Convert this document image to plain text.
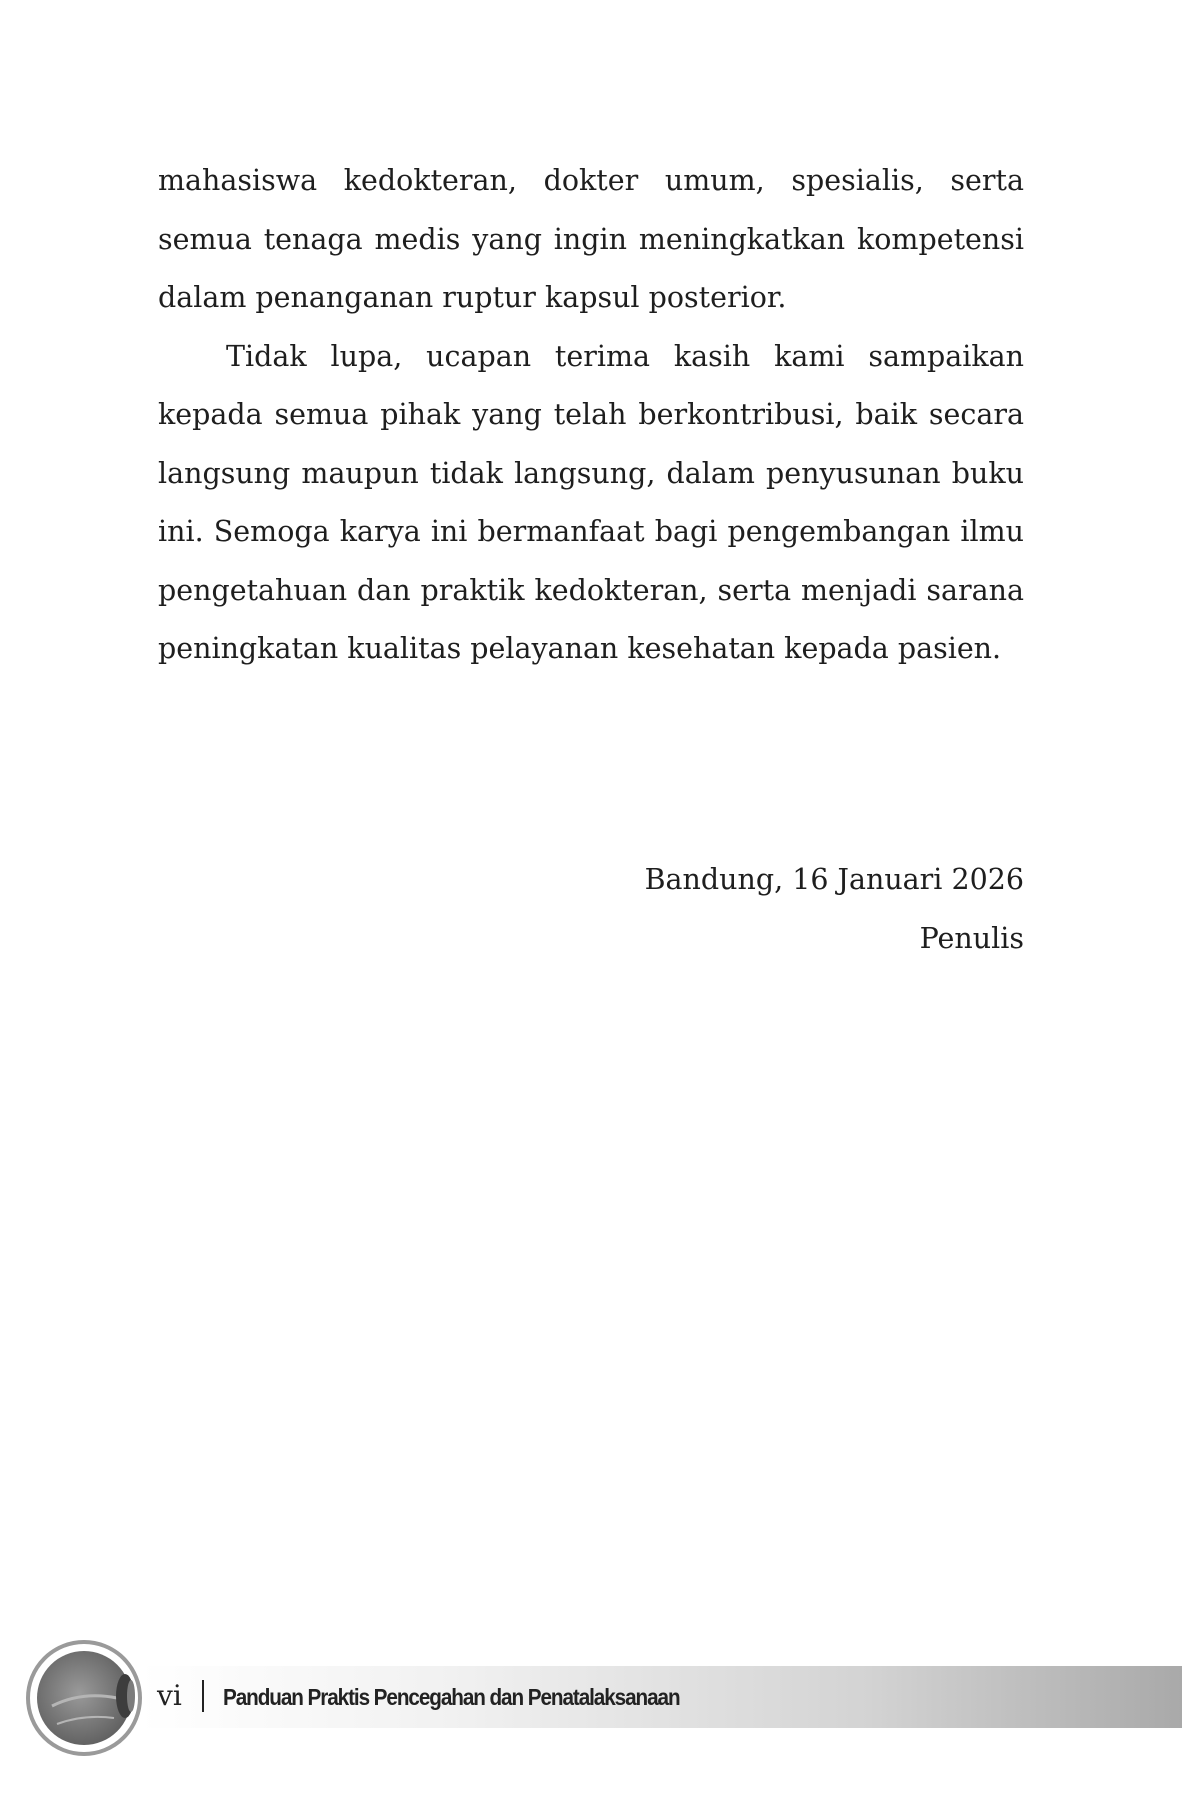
mahasiswa kedokteran, dokter umum, spesialis, serta semua tenaga medis yang ingin meningkatkan kompetensi dalam penanganan ruptur kapsul posterior.

Tidak lupa, ucapan terima kasih kami sampaikan kepada semua pihak yang telah berkontribusi, baik secara langsung maupun tidak langsung, dalam penyusunan buku ini. Semoga karya ini bermanfaat bagi pengembangan ilmu pengetahuan dan praktik kedokteran, serta menjadi sarana peningkatan kualitas pelayanan kesehatan kepada pasien.

Bandung, 16 Januari 2026
Penulis
vi Panduan Praktis Pencegahan dan Penatalaksanaan
